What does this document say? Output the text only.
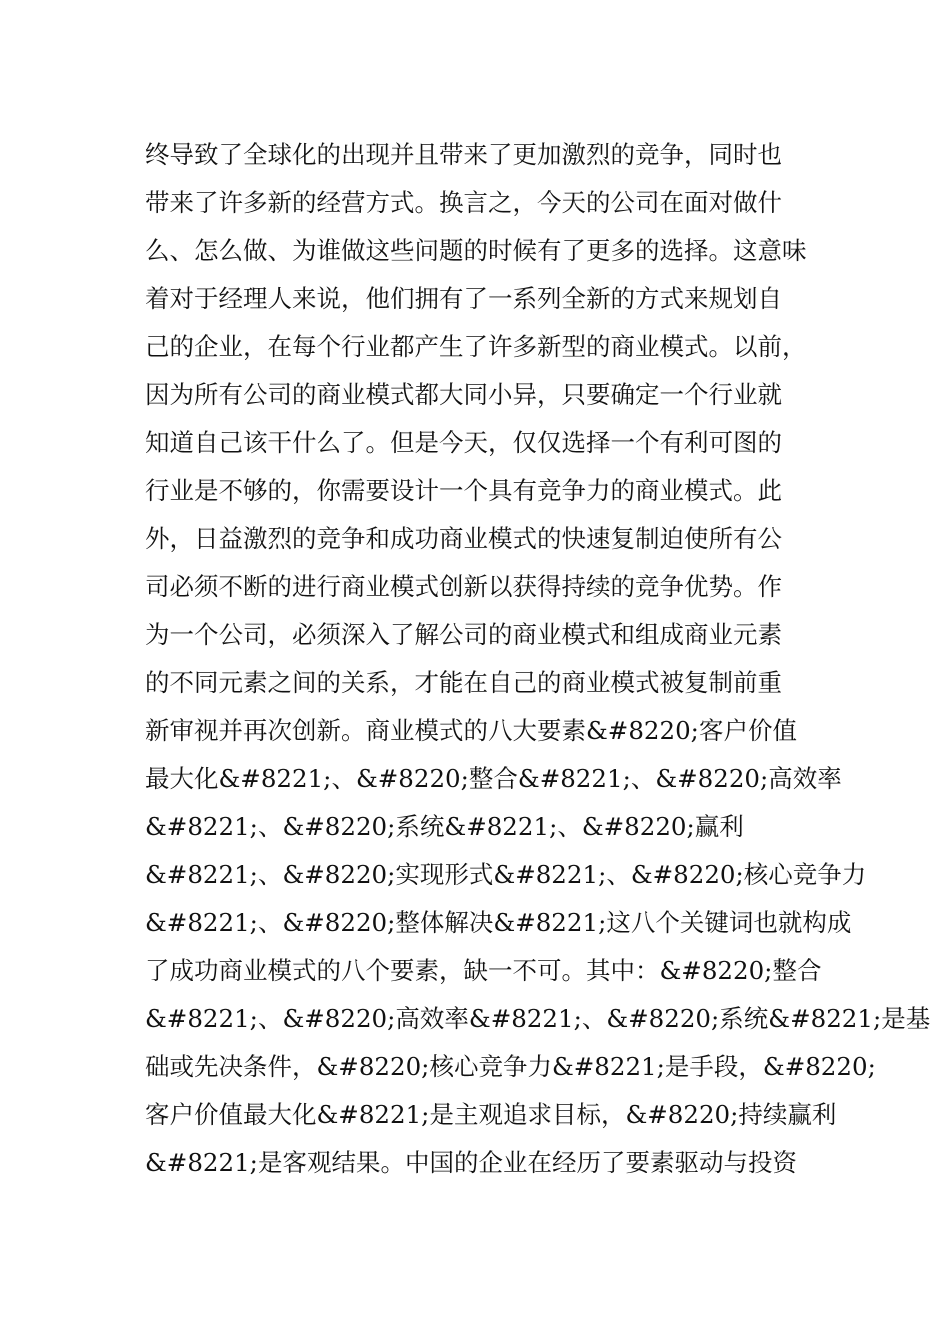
终导致了全球化的出现并且带来了更加激烈的竞争，同时也
带来了许多新的经营方式。换言之，今天的公司在面对做什
么、怎么做、为谁做这些问题的时候有了更多的选择。这意味
着对于经理人来说，他们拥有了一系列全新的方式来规划自
己的企业，在每个行业都产生了许多新型的商业模式。以前，
因为所有公司的商业模式都大同小异，只要确定一个行业就
知道自己该干什么了。但是今天，仅仅选择一个有利可图的
行业是不够的，你需要设计一个具有竞争力的商业模式。此
外，日益激烈的竞争和成功商业模式的快速复制迫使所有公
司必须不断的进行商业模式创新以获得持续的竞争优势。作
为一个公司，必须深入了解公司的商业模式和组成商业元素
的不同元素之间的关系，才能在自己的商业模式被复制前重
新审视并再次创新。商业模式的八大要素&#8220;客户价值
最大化&#8221;、&#8220;整合&#8221;、&#8220;高效率
&#8221;、&#8220;系统&#8221;、&#8220;赢利
&#8221;、&#8220;实现形式&#8221;、&#8220;核心竞争力
&#8221;、&#8220;整体解决&#8221;这八个关键词也就构成
了成功商业模式的八个要素，缺一不可。其中：&#8220;整合
&#8221;、&#8220;高效率&#8221;、&#8220;系统&#8221;是基
础或先决条件，&#8220;核心竞争力&#8221;是手段，&#8220;
客户价值最大化&#8221;是主观追求目标，&#8220;持续赢利
&#8221;是客观结果。中国的企业在经历了要素驱动与投资
